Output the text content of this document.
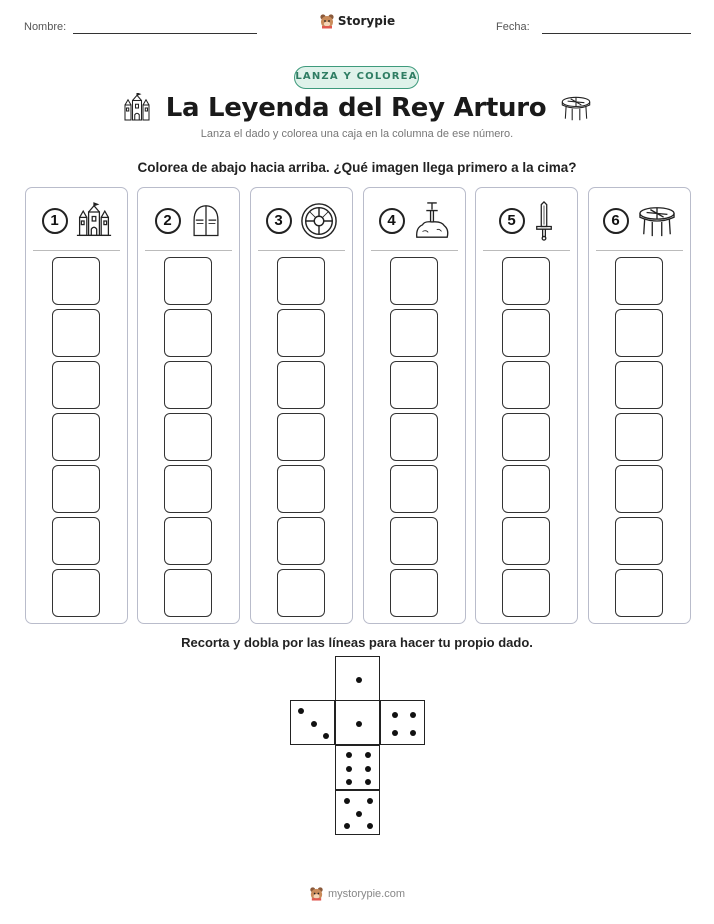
Nombre:	Storypie	Fecha:
LANZA Y COLOREA
La Leyenda del Rey Arturo
Lanza el dado y colorea una caja en la columna de ese número.
Colorea de abajo hacia arriba. ¿Qué imagen llega primero a la cima?
1	2	3	4	5	6
Recorta y dobla por las líneas para hacer tu propio dado.
mystorypie.com
